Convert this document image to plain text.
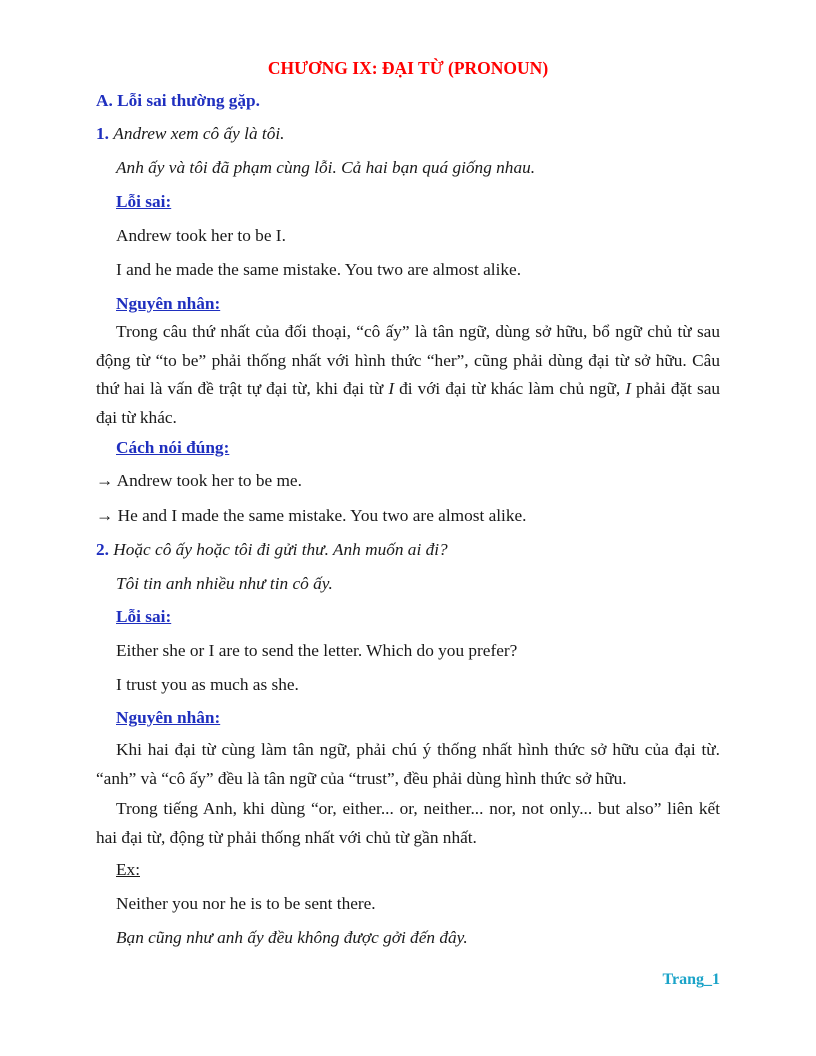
CHƯƠNG IX: ĐẠI TỪ (PRONOUN)
A. Lỗi sai thường gặp.
1. Andrew xem cô ấy là tôi.
Anh ấy và tôi đã phạm cùng lỗi. Cả hai bạn quá giống nhau.
Lỗi sai:
Andrew took her to be I.
I and he made the same mistake. You two are almost alike.
Nguyên nhân:
Trong câu thứ nhất của đối thoại, “cô ấy” là tân ngữ, dùng sở hữu, bổ ngữ chủ từ sau động từ “to be” phải thống nhất với hình thức “her”, cũng phải dùng đại từ sở hữu. Câu thứ hai là vấn đề trật tự đại từ, khi đại từ I đi với đại từ khác làm chủ ngữ, I phải đặt sau đại từ khác.
Cách nói đúng:
→ Andrew took her to be me.
→ He and I made the same mistake. You two are almost alike.
2. Hoặc cô ấy hoặc tôi đi gửi thư. Anh muốn ai đi?
Tôi tin anh nhiều như tin cô ấy.
Lỗi sai:
Either she or I are to send the letter. Which do you prefer?
I trust you as much as she.
Nguyên nhân:
Khi hai đại từ cùng làm tân ngữ, phải chú ý thống nhất hình thức sở hữu của đại từ. “anh” và “cô ấy” đều là tân ngữ của “trust”, đều phải dùng hình thức sở hữu.
Trong tiếng Anh, khi dùng “or, either... or, neither... nor, not only... but also” liên kết hai đại từ, động từ phải thống nhất với chủ từ gần nhất.
Ex:
Neither you nor he is to be sent there.
Bạn cũng như anh ấy đều không được gởi đến đây.
Trang_1
